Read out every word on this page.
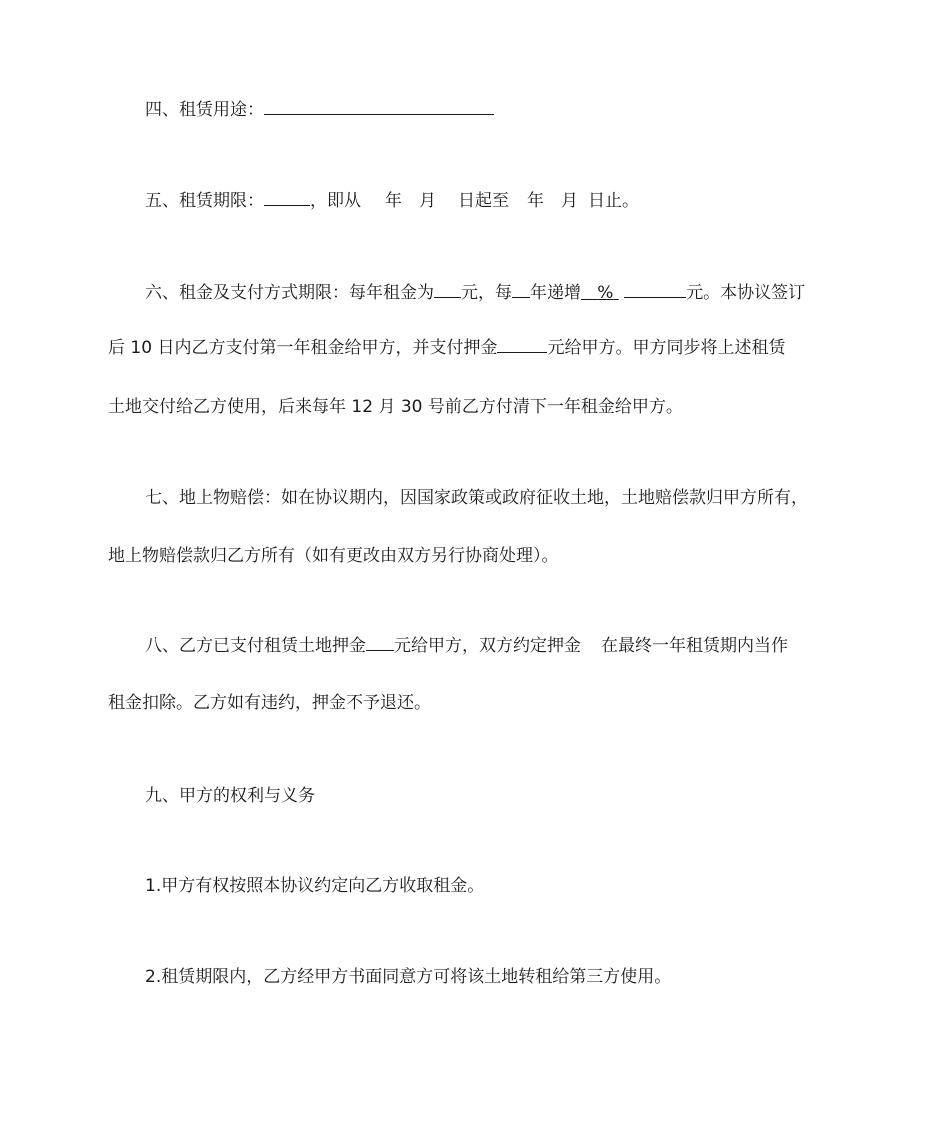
四、租赁用途：
五、租赁期限：	，即从 年 月 日起至 年 月 日止。
六、租金及支付方式期限：每年租金为 元，每 年递增 %	元。本协议签订
后 10 日内乙方支付第一年租金给甲方，并支付押金	元给甲方。甲方同步将上述租赁
土地交付给乙方使用，后来每年 12 月 30 号前乙方付清下一年租金给甲方。
七、地上物赔偿：如在协议期内，因国家政策或政府征收土地，土地赔偿款归甲方所有，
地上物赔偿款归乙方所有（如有更改由双方另行协商处理）。
八、乙方已支付租赁土地押金 元给甲方，双方约定押金 在最终一年租赁期内当作
租金扣除。乙方如有违约，押金不予退还。
九、甲方的权利与义务
1.甲方有权按照本协议约定向乙方收取租金。
2.租赁期限内，乙方经甲方书面同意方可将该土地转租给第三方使用。
